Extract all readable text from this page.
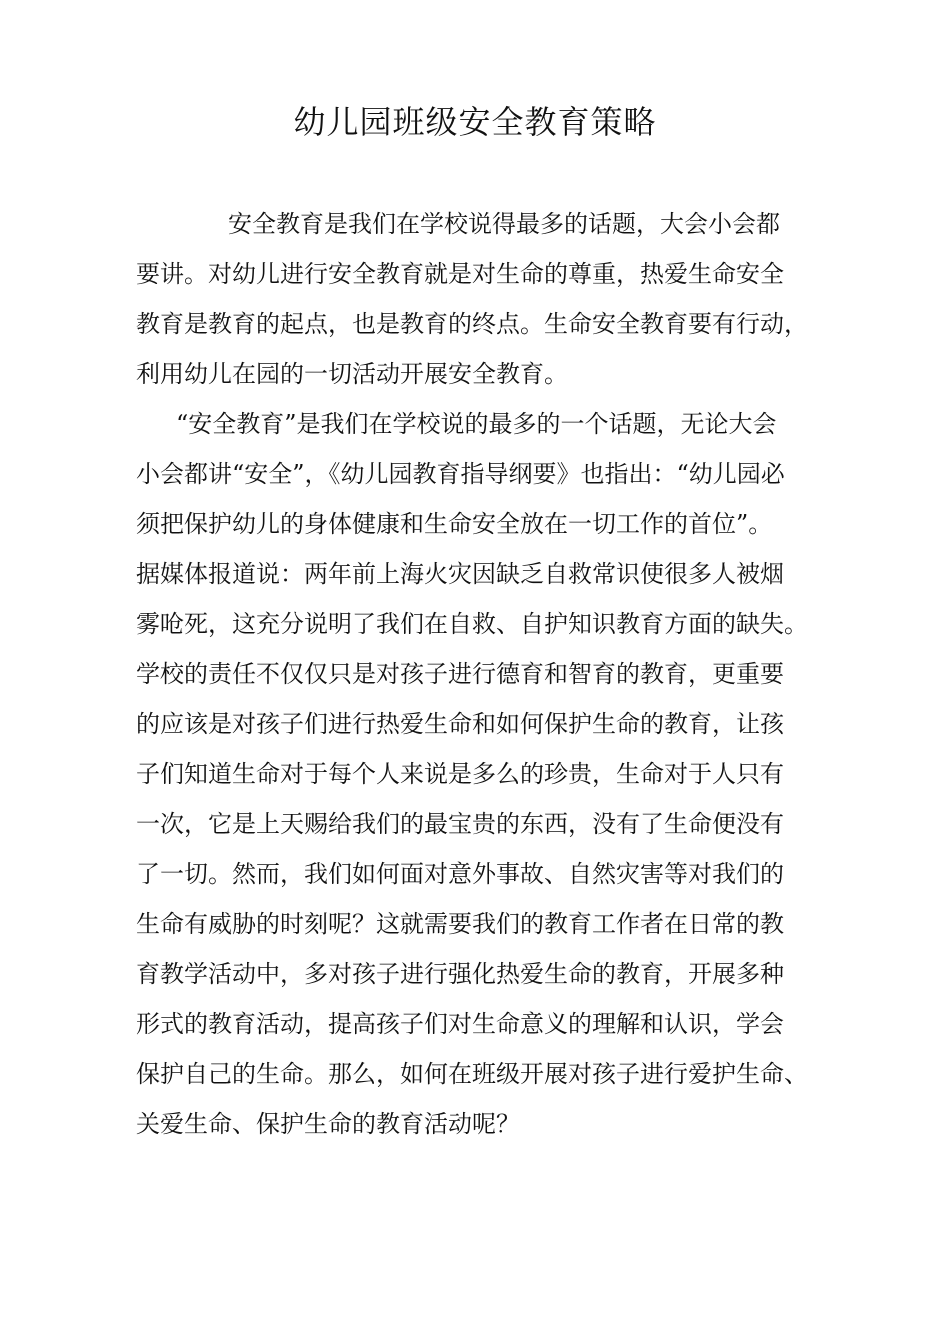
幼儿园班级安全教育策略

安全教育是我们在学校说得最多的话题，大会小会都

要讲。对幼儿进行安全教育就是对生命的尊重，热爱生命安全

教育是教育的起点，也是教育的终点。生命安全教育要有行动，

利用幼儿在园的一切活动开展安全教育。

“安全教育”是我们在学校说的最多的一个话题，无论大会

小会都讲“安全”，《幼儿园教育指导纲要》也指出：“幼儿园必

须把保护幼儿的身体健康和生命安全放在一切工作的首位”。

据媒体报道说：两年前上海火灾因缺乏自救常识使很多人被烟

雾呛死，这充分说明了我们在自救、自护知识教育方面的缺失。

学校的责任不仅仅只是对孩子进行德育和智育的教育，更重要

的应该是对孩子们进行热爱生命和如何保护生命的教育，让孩

子们知道生命对于每个人来说是多么的珍贵，生命对于人只有

一次，它是上天赐给我们的最宝贵的东西，没有了生命便没有

了一切。然而，我们如何面对意外事故、自然灾害等对我们的

生命有威胁的时刻呢？这就需要我们的教育工作者在日常的教

育教学活动中，多对孩子进行强化热爱生命的教育，开展多种

形式的教育活动，提高孩子们对生命意义的理解和认识，学会

保护自己的生命。那么，如何在班级开展对孩子进行爱护生命、

关爱生命、保护生命的教育活动呢？
